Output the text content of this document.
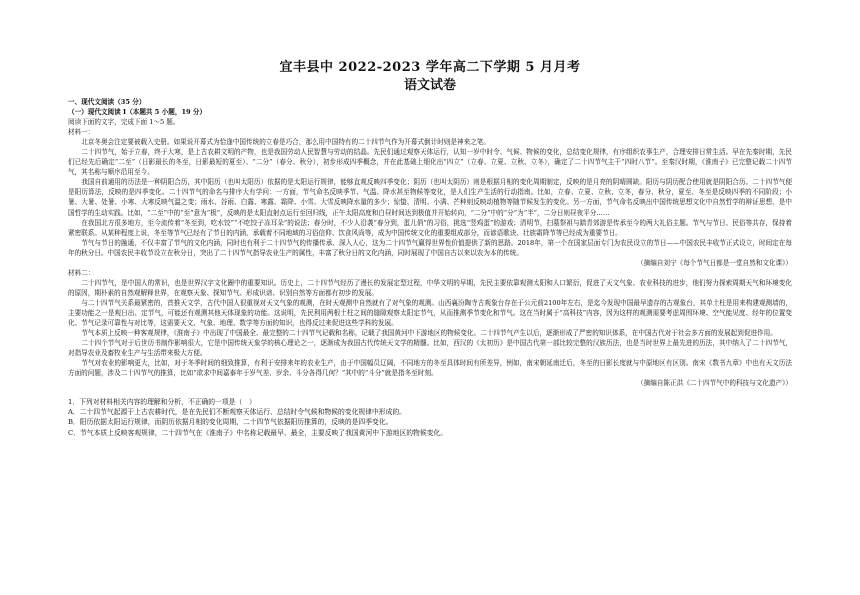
宜丰县中 2022-2023 学年高二下学期 5 月月考
语文试卷

一、现代文阅读（35 分）

（一）现代文阅读 I（本题共 5 小题，19 分）

阅读下面的文字，完成下面 1～5 题。

材料一：

北京冬奥会注定要被载入史册。如果说开幕式为恰逢中国传统的立春是巧合，那么用中国特有的二十四节气作为开幕式倒计时则是神来之笔。

二十四节气，始于立春，终于大寒，是上古农耕文明的产物，也是我国劳动人民智慧与劳动的结晶。先民们通过观察天体运行，认知一岁中时令、气候、物候的变化，总结变化规律，有序组织农事生产，合理安排日常生活。早在先秦时期，先民们已经先后确定“二至”（日影最长的冬至，日影最短的夏至）、“二分”（春分、秋分），初步形成四季概念，并在此基础上细化出“四立”（立春、立夏、立秋、立冬），确定了二十四节气主干“四时八节”。至秦汉时期，《淮南子》已完整记载二十四节气，其名称与顺序沿用至今。

我国自前通用的历法是一种阴阳合历，其中阳历（也叫太阳历）依据的是太阳运行规律，能够直观反映四季变化；阴历（也叫太阴历）则是根据月相的变化周期制定，反映的是月亮的阴晴圆缺。阳历与阴历配合使用就是阴阳合历。二十四节气便是阳历算法，反映的是四季变化。二十四节气的命名与排序大有学问：一方面，节气命名反映季节、气温、降水甚至物候等变化，是人们生产生活的行动指南。比如，立春、立夏、立秋、立冬，春分、秋分，夏至、冬至是反映四季的不同阶段；小暑、大暑、处暑、小寒、大寒反映气温之变；雨水、谷雨、白露、寒露、霜降、小雪、大雪反映降水量的多少；惊蛰、清明、小满、芒种则反映动植物等随节候发生的变化。另一方面，节气命名反映出中国传统思想文化中自然哲学的辩证思想，是中国哲学的生动实践。比如，“二至”中的“至”意为“极”，反映的是太阳直射点运行至回归线，正午太阳高度和白昼时间达到极值并开始转向，“二分”中的“分”为“半”，二分日则昼夜平分……

在我国北方很多地方，至今流传着“冬至到，吃水饺”“不吃饺子冻耳朵”的说法；春分时，不少人沿袭“春分到，蛋儿俏”的习俗，挑选“竖鸡蛋”的游戏；清明节，扫墓祭祖与踏青郊游是传承至今的两大礼俗主题。节气与节日、民俗等共存，保持着紧密联系。从某种程度上说，冬至等节气已经有了节日的内涵，承载着不同地域的习俗信仰、饮食风尚等，成为中国传统文化的重要组成部分，而谚语歌诀、壮族霜降节等已经成为重要节日。

节气与节日的融通，不仅丰富了节气的文化内涵，同时也有利于二十四节气的传播传承、深入人心，这为二十四节气赢得世界性价值提供了新的思路。2018年，第一个在国家层面专门为农民设立的节日——中国农民丰收节正式设立，时间定在每年的秋分日。中国农民丰收节设立在秋分日，突出了二十四节气指导农业生产的属性，丰富了秋分日的文化内涵，同时展现了中国自古以来以农为本的传统。

（摘编自刘宁《每个节气日都是一堂自然和文化课》）

材料二：

二十四节气，是中国人的常识，也是世界汉字文化圈中的重要知识。历史上，二十四节气经历了漫长的发展定型过程，中华文明的早期，先民主要依靠观测太阳和人口繁衍，促进了天文气象、农业科技的进步，他们努力探索周期天气和环境变化的原因，期朴素的自然观解释世界，在观察天象、探知节气、形成识谱、识别自然等方面都有初步的发展。

与二十四节气关系最紧密的，首推天文学，古代中国人很重视对天文气象的观测，在时天观测中自然就有了对气象的观测。山西襄汾陶寺古观象台存在于公元前2100年左右，是迄今发现中国最早遗存的古观象台，其单土柱是用来构建观测墙的，主要功能之一是观日出、定节气，可能还有观测其他天体现象的功能。这说明，先民利用两根土柱之间的缝隙观察太阳定节气，从而推测季节变化和节气。这在当时属于“高科技”内容，因为这样的观测需要考虑周围环境、空气能见度、经年的位置变化、节气记录可靠性与对比等，这需要天文、气象、地理、数学等方面的知识，也得反过来促进这些学科的发展。

节气本质上反映一种客观规律，《淮南子》中出现了中国最全、最完整的二十四节气记载和名称，记载了我国黄河中下游地区的物候变化。二十四节气产生以后，逐渐形成了严密的知识体系，在中国古代对于社会多方面的发展起到促进作用。

二十四个节气对于后世历书制作影响很大，它是中国传统天象学的核心理论之一，逐渐成为我国古代传统天文学的精髓。比如，西汉的《太初历》是中国古代第一部比较完整的汉族历法，也是当时世界上最先进的历法，其中纳入了二十四节气，对指导农业及畜牧业生产与生活带来极大方便。

节气对农业的影响更大，比如，对于冬季时间的细致推算，有利于安排来年的农业生产，由于中国幅员辽阔，不同地方的冬至具体时间有所差异，例如，南宋朝延南迁后，冬至的日影长度就与中原地区有区别。南宋《数书九章》中也有天文历法方面的问题，涉及二十四节气的推算，比如“欲求中间嘉泰年于岁气差、岁余、斗分各得几何？”其中的“斗分”就是指冬至时刻。

（摘编自陈正洪《二十四节气中的科技与文化遗产》）

1．下列对材料相关内容的理解和分析，不正确的一项是（　）

A．二十四节气起源于上古农耕时代，是在先民们不断观察天体运行、总结时令气候和物候的变化规律中形成的。

B．阳历依据太阳运行规律，而阴历依据月相的变化周期，二十四节气依据阳历推算的，反映的是四季变化。

C．节气本质上反映客观规律，二十四节气在《淮南子》中名称记载最早、最全，主要反映了我国黄河中下游地区的物候变化。
